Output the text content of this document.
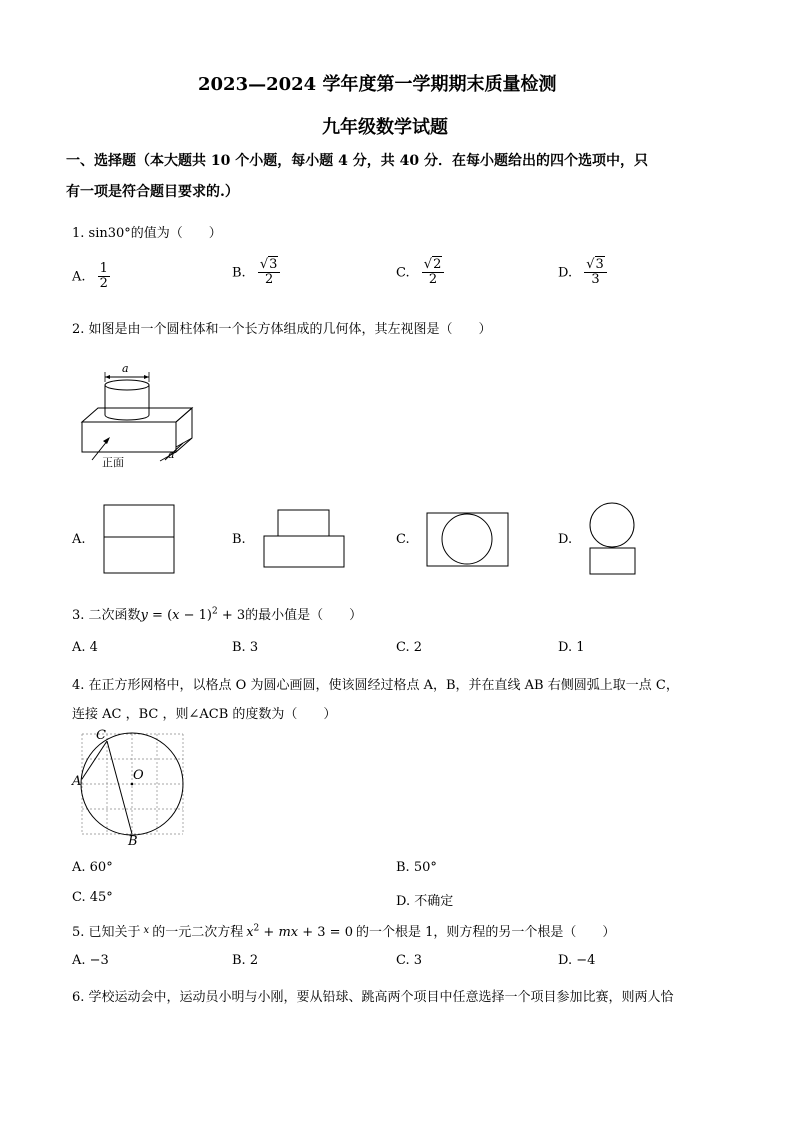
2023—2024 学年度第一学期期末质量检测
九年级数学试题
一、选择题（本大题共 10 个小题，每小题 4 分，共 40 分．在每小题给出的四个选项中，只
有一项是符合题目要求的.）
1. sin30°的值为（　　）
A. $\frac{1}{2}$	B. $\frac{√3}{2}$	C. $\frac{√2}{2}$	D. $\frac{√3}{3}$
2. 如图是由一个圆柱体和一个长方体组成的几何体，其左视图是（　　）
a
a
正面
A.	B.	C.	D.
3. 二次函数$y = (x - 1)^2 + 3$的最小值是（　　）
A. 4	B. 3	C. 2	D. 1
4. 在正方形网格中，以格点 O 为圆心画圆，使该圆经过格点 A，B，并在直线 AB 右侧圆弧上取一点 C，
连接 AC ，BC ，则∠ACB 的度数为（　　）
C
O
A
B
A. 60°	B. 50°
C. 45°	D. 不确定
5. 已知关于 $^x$ 的一元二次方程 $x^2$ + mx + 3 = 0 的一个根是 1，则方程的另一个根是（　　）
A. −3	B. 2	C. 3	D. −4
6. 学校运动会中，运动员小明与小刚，要从铅球、跳高两个项目中任意选择一个项目参加比赛，则两人恰
